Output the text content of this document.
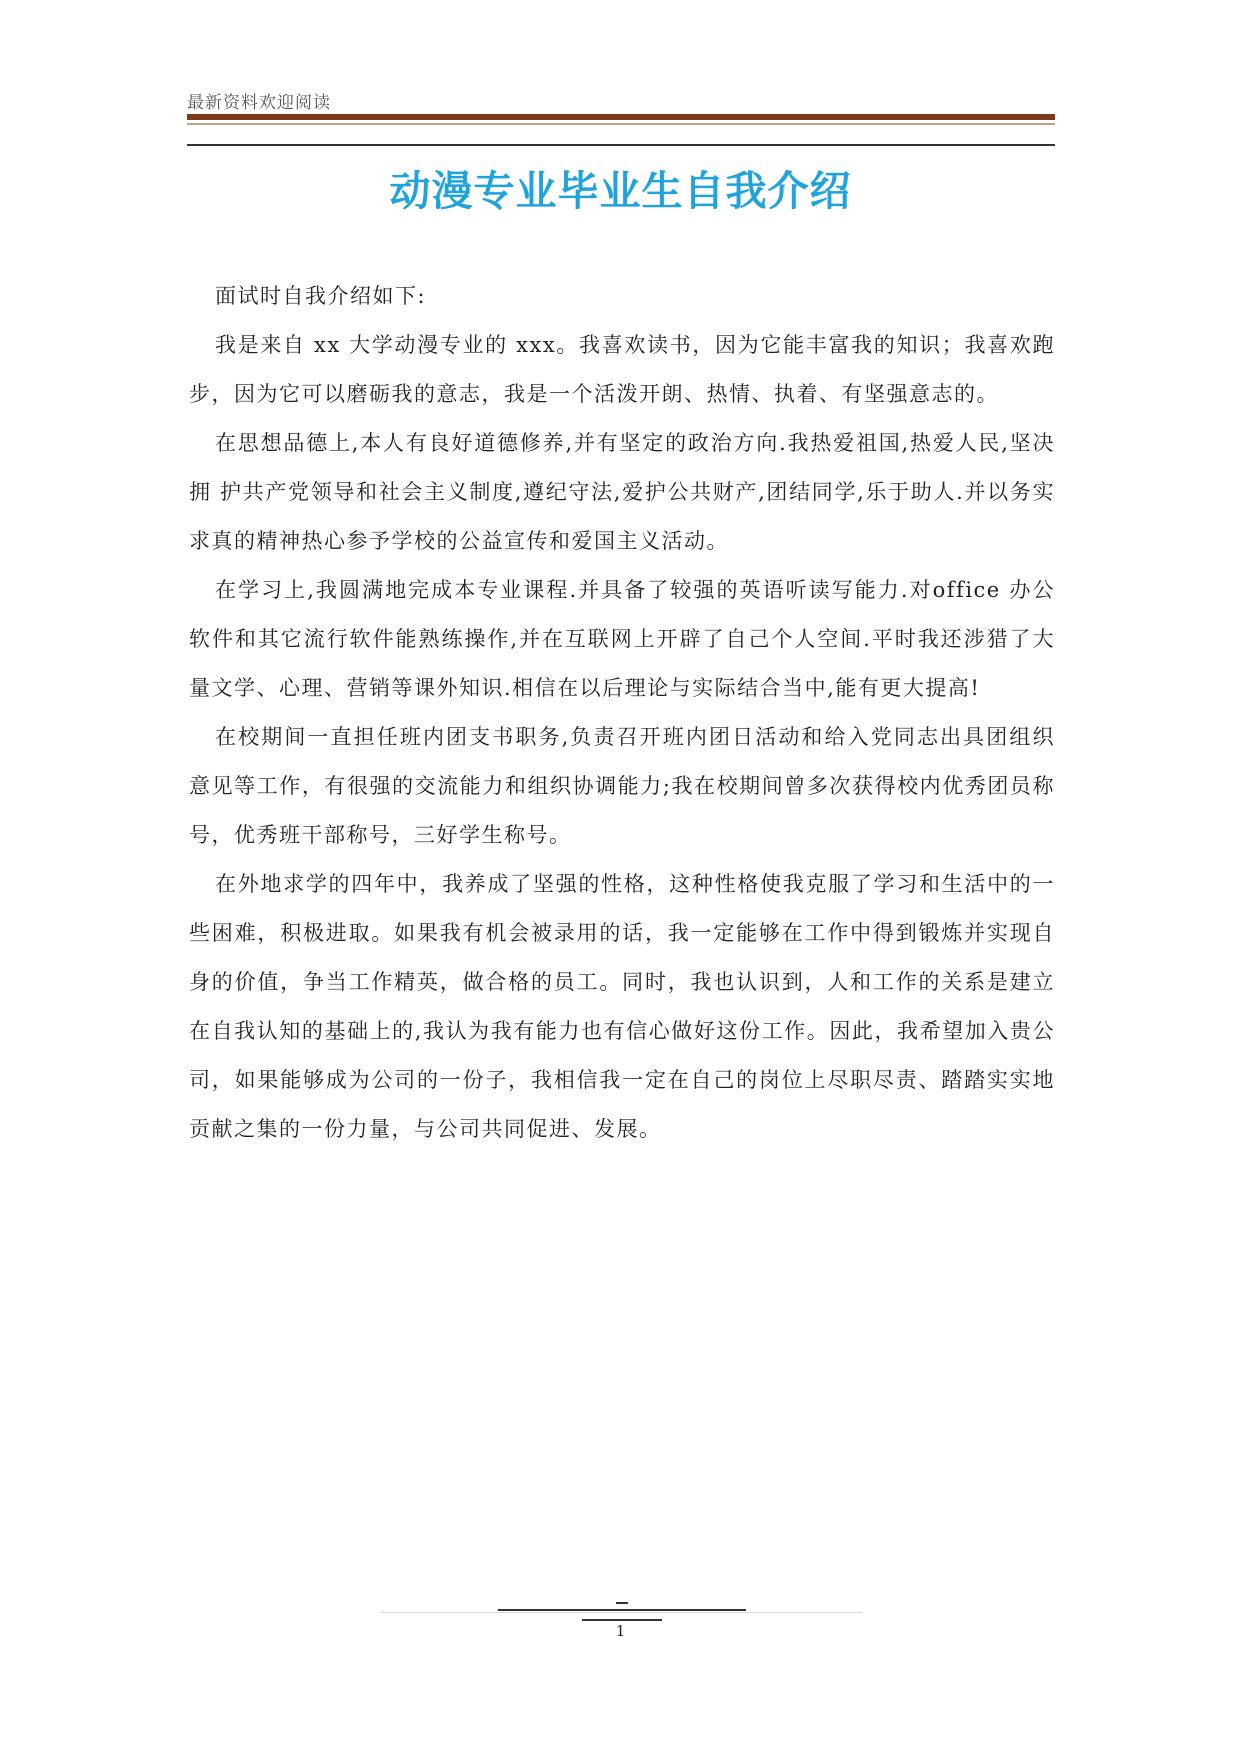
最新资料欢迎阅读
动漫专业毕业生自我介绍

面试时自我介绍如下:

我是来自 xx 大学动漫专业的 xxx。我喜欢读书，因为它能丰富我的知识；我喜欢跑步，因为它可以磨砺我的意志，我是一个活泼开朗、热情、执着、有坚强意志的。

在思想品德上,本人有良好道德修养,并有坚定的政治方向.我热爱祖国,热爱人民,坚决拥 护共产党领导和社会主义制度,遵纪守法,爱护公共财产,团结同学,乐于助人.并以务实求真的精神热心参予学校的公益宣传和爱国主义活动。

在学习上,我圆满地完成本专业课程.并具备了较强的英语听读写能力.对office 办公软件和其它流行软件能熟练操作,并在互联网上开辟了自己个人空间.平时我还涉猎了大量文学、心理、营销等课外知识.相信在以后理论与实际结合当中,能有更大提高!

在校期间一直担任班内团支书职务,负责召开班内团日活动和给入党同志出具团组织意见等工作，有很强的交流能力和组织协调能力;我在校期间曾多次获得校内优秀团员称号，优秀班干部称号，三好学生称号。

在外地求学的四年中，我养成了坚强的性格，这种性格使我克服了学习和生活中的一些困难，积极进取。如果我有机会被录用的话，我一定能够在工作中得到锻炼并实现自身的价值，争当工作精英，做合格的员工。同时，我也认识到，人和工作的关系是建立在自我认知的基础上的,我认为我有能力也有信心做好这份工作。因此，我希望加入贵公司，如果能够成为公司的一份子，我相信我一定在自己的岗位上尽职尽责、踏踏实实地贡献之集的一份力量，与公司共同促进、发展。

1
